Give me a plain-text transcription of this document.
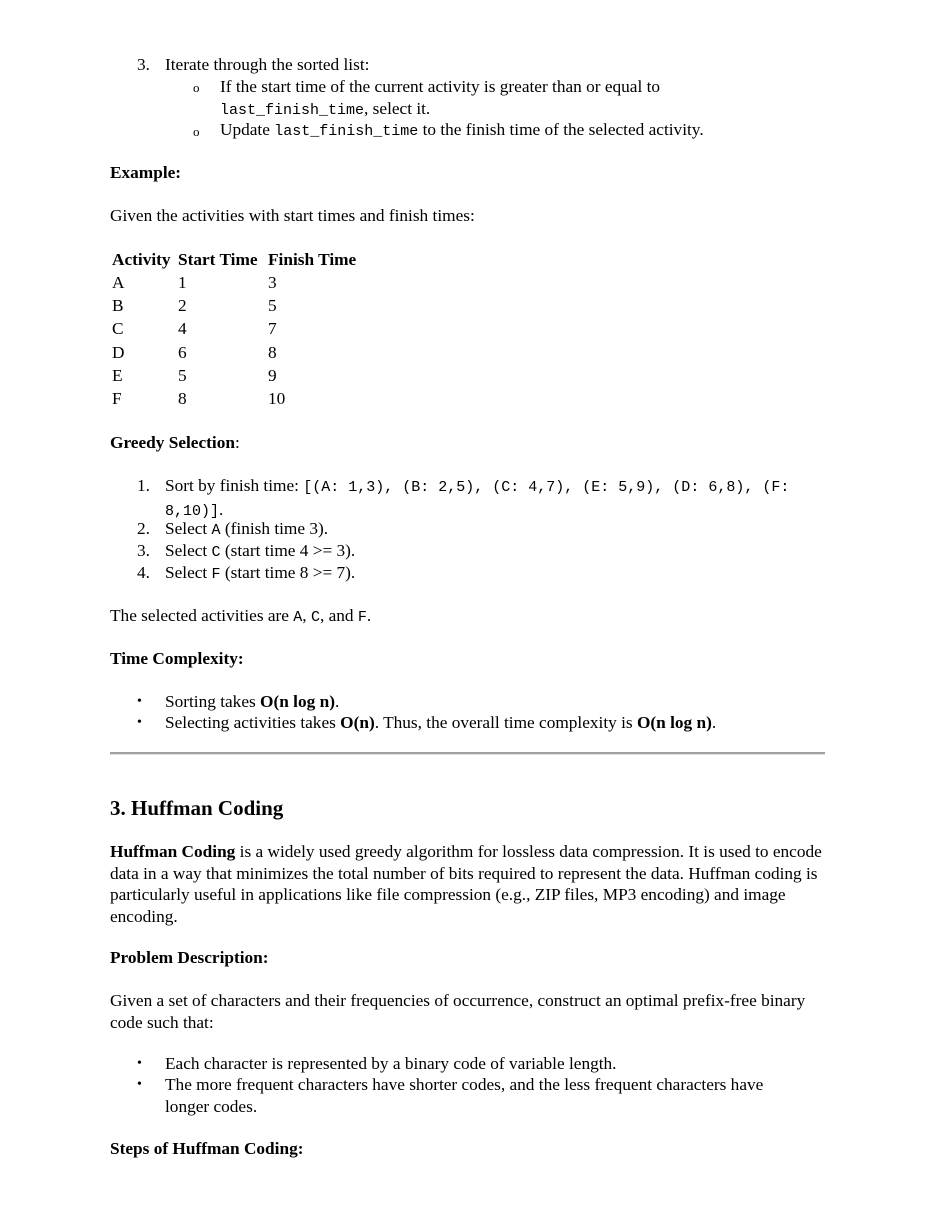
3. Iterate through the sorted list:
o If the start time of the current activity is greater than or equal to
last_finish_time, select it.
o Update last_finish_time to the finish time of the selected activity.

Example:

Given the activities with start times and finish times:

Activity	Start Time	Finish Time
A	1	3
B	2	5
C	4	7
D	6	8
E	5	9
F	8	10

Greedy Selection:

1. Sort by finish time: [(A: 1,3), (B: 2,5), (C: 4,7), (E: 5,9), (D: 6,8), (F:
8,10)].
2. Select A (finish time 3).
3. Select C (start time 4 >= 3).
4. Select F (start time 8 >= 7).

The selected activities are A, C, and F.

Time Complexity:

• Sorting takes O(n log n).
• Selecting activities takes O(n). Thus, the overall time complexity is O(n log n).
3. Huffman Coding

Huffman Coding is a widely used greedy algorithm for lossless data compression. It is used to encode data in a way that minimizes the total number of bits required to represent the data. Huffman coding is particularly useful in applications like file compression (e.g., ZIP files, MP3 encoding) and image encoding.

Problem Description:

Given a set of characters and their frequencies of occurrence, construct an optimal prefix-free binary code such that:

• Each character is represented by a binary code of variable length.
• The more frequent characters have shorter codes, and the less frequent characters have longer codes.

Steps of Huffman Coding:
